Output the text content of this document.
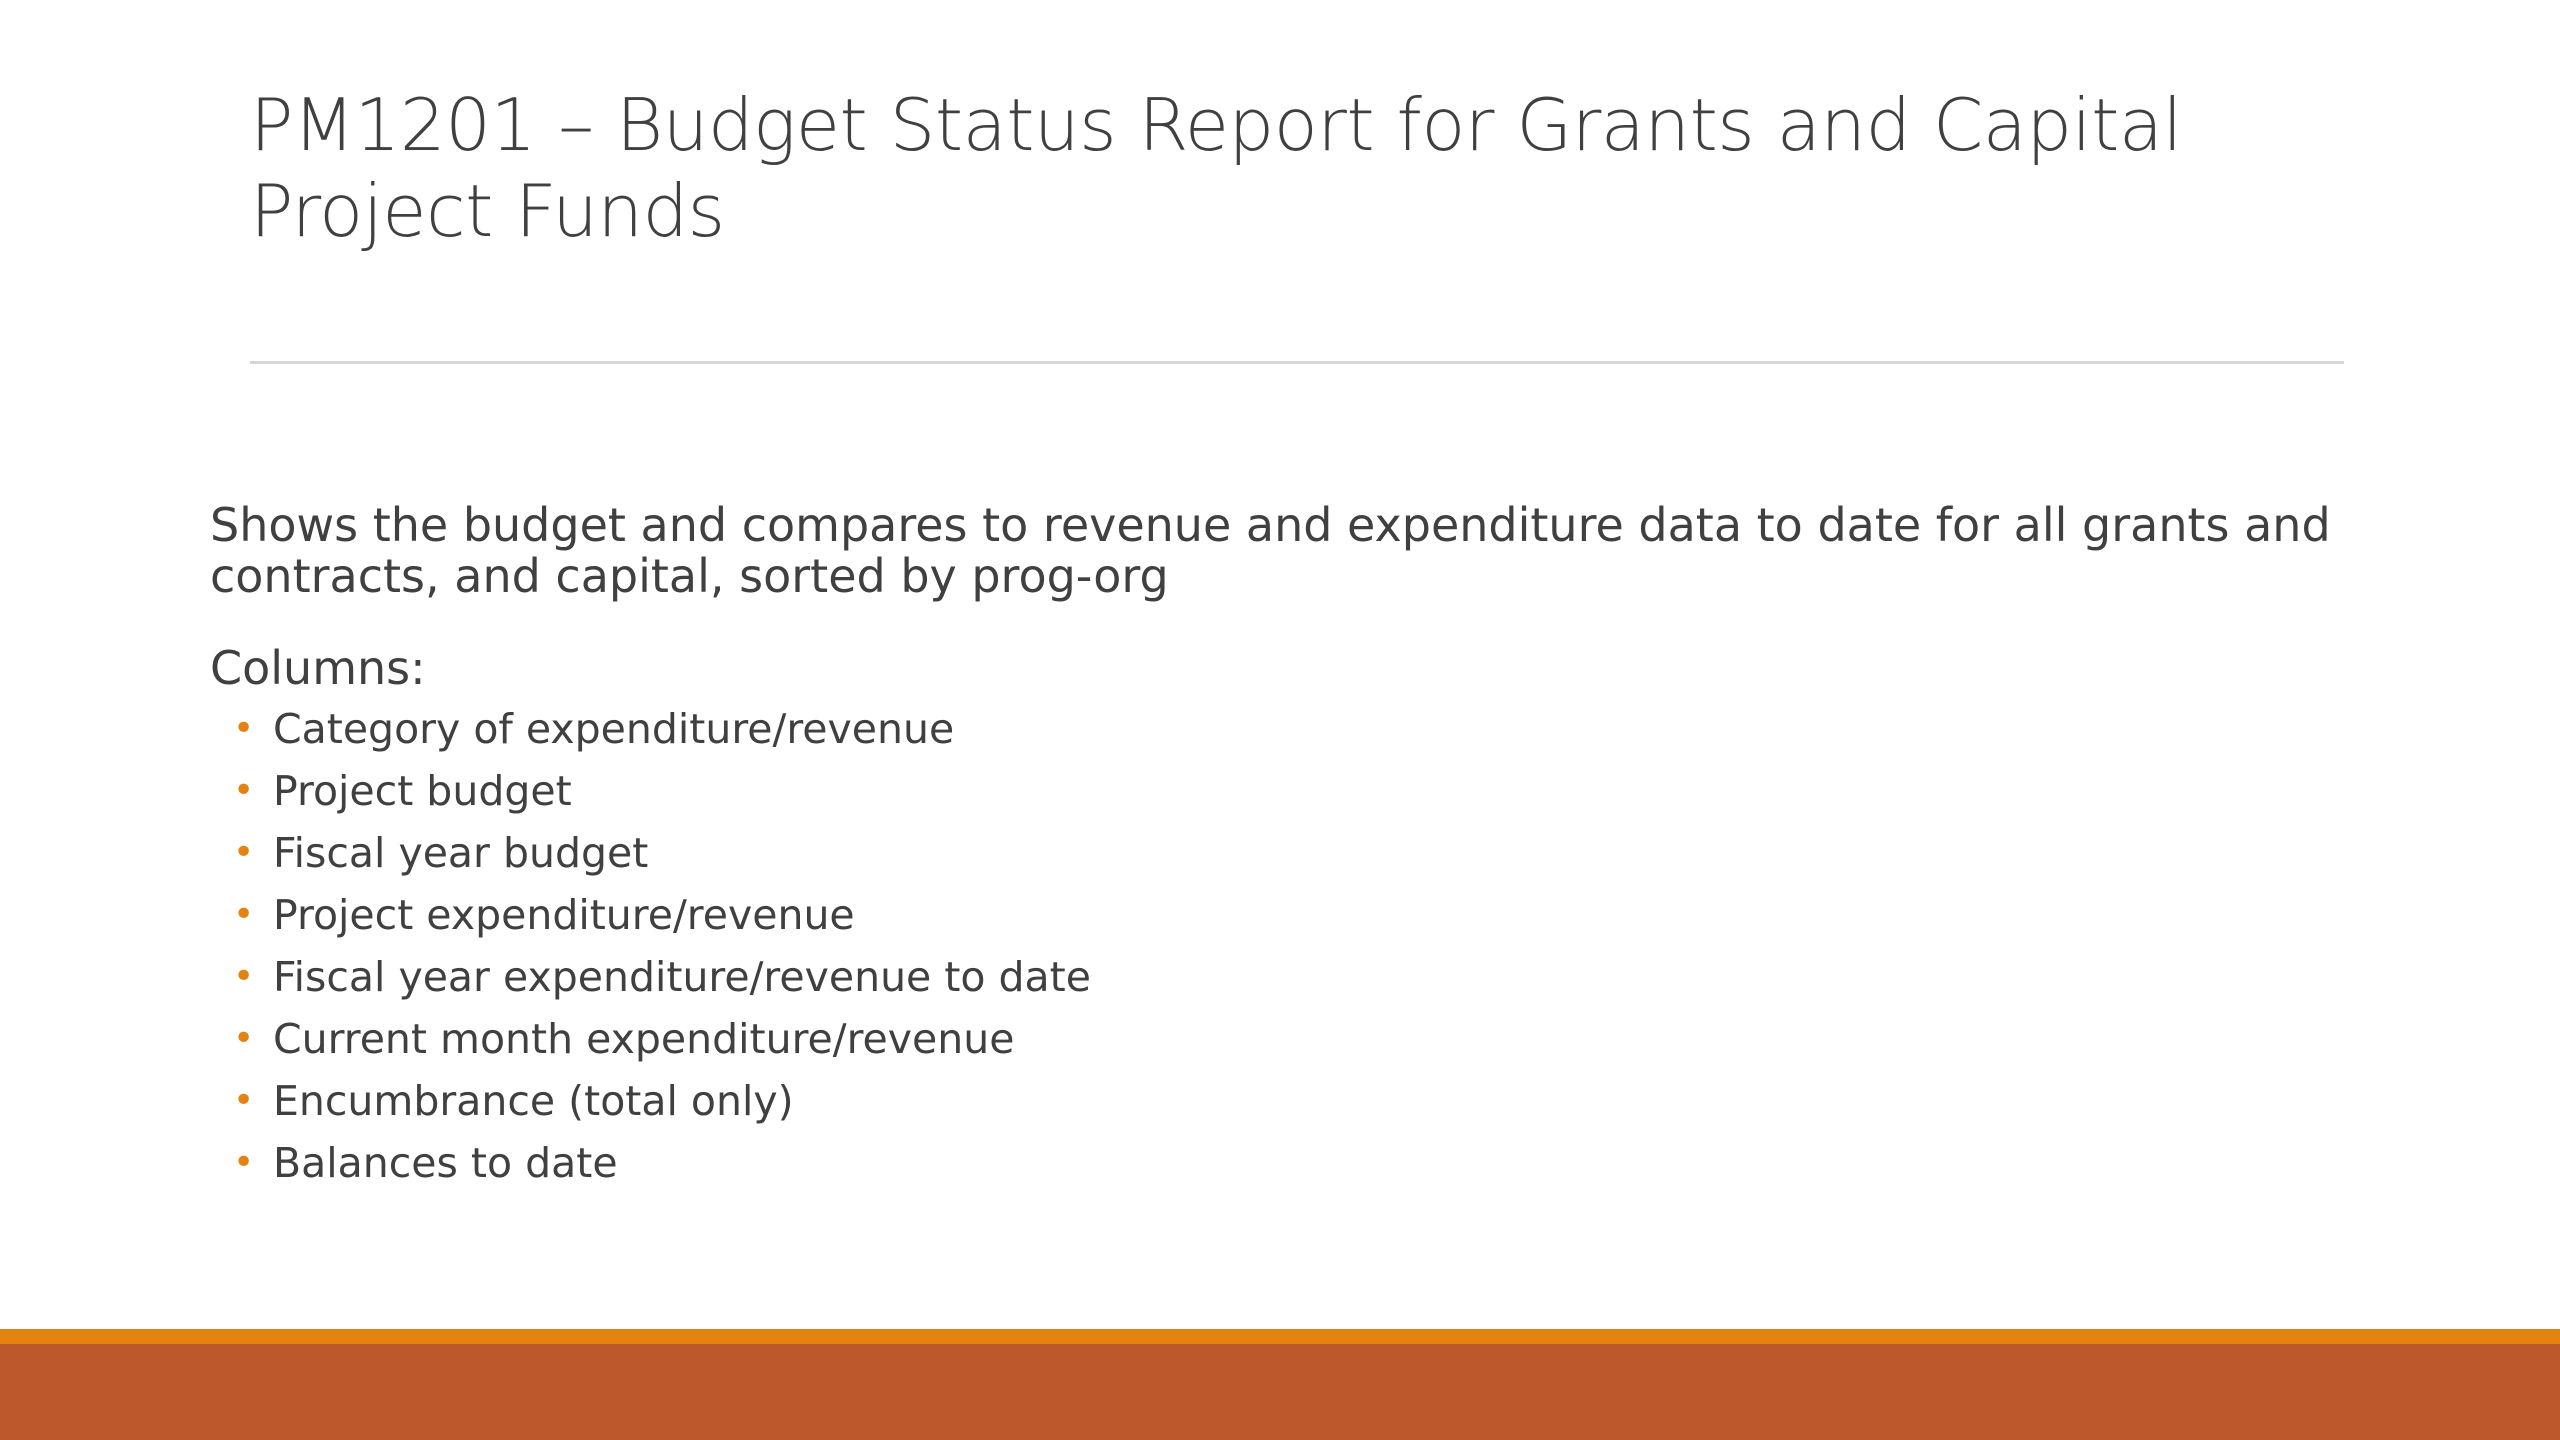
PM1201 – Budget Status Report for Grants and Capital Project Funds

Shows the budget and compares to revenue and expenditure data to date for all grants and contracts, and capital, sorted by prog-org

Columns:

• Category of expenditure/revenue
• Project budget
• Fiscal year budget
• Project expenditure/revenue
• Fiscal year expenditure/revenue to date
• Current month expenditure/revenue
• Encumbrance (total only)
• Balances to date
